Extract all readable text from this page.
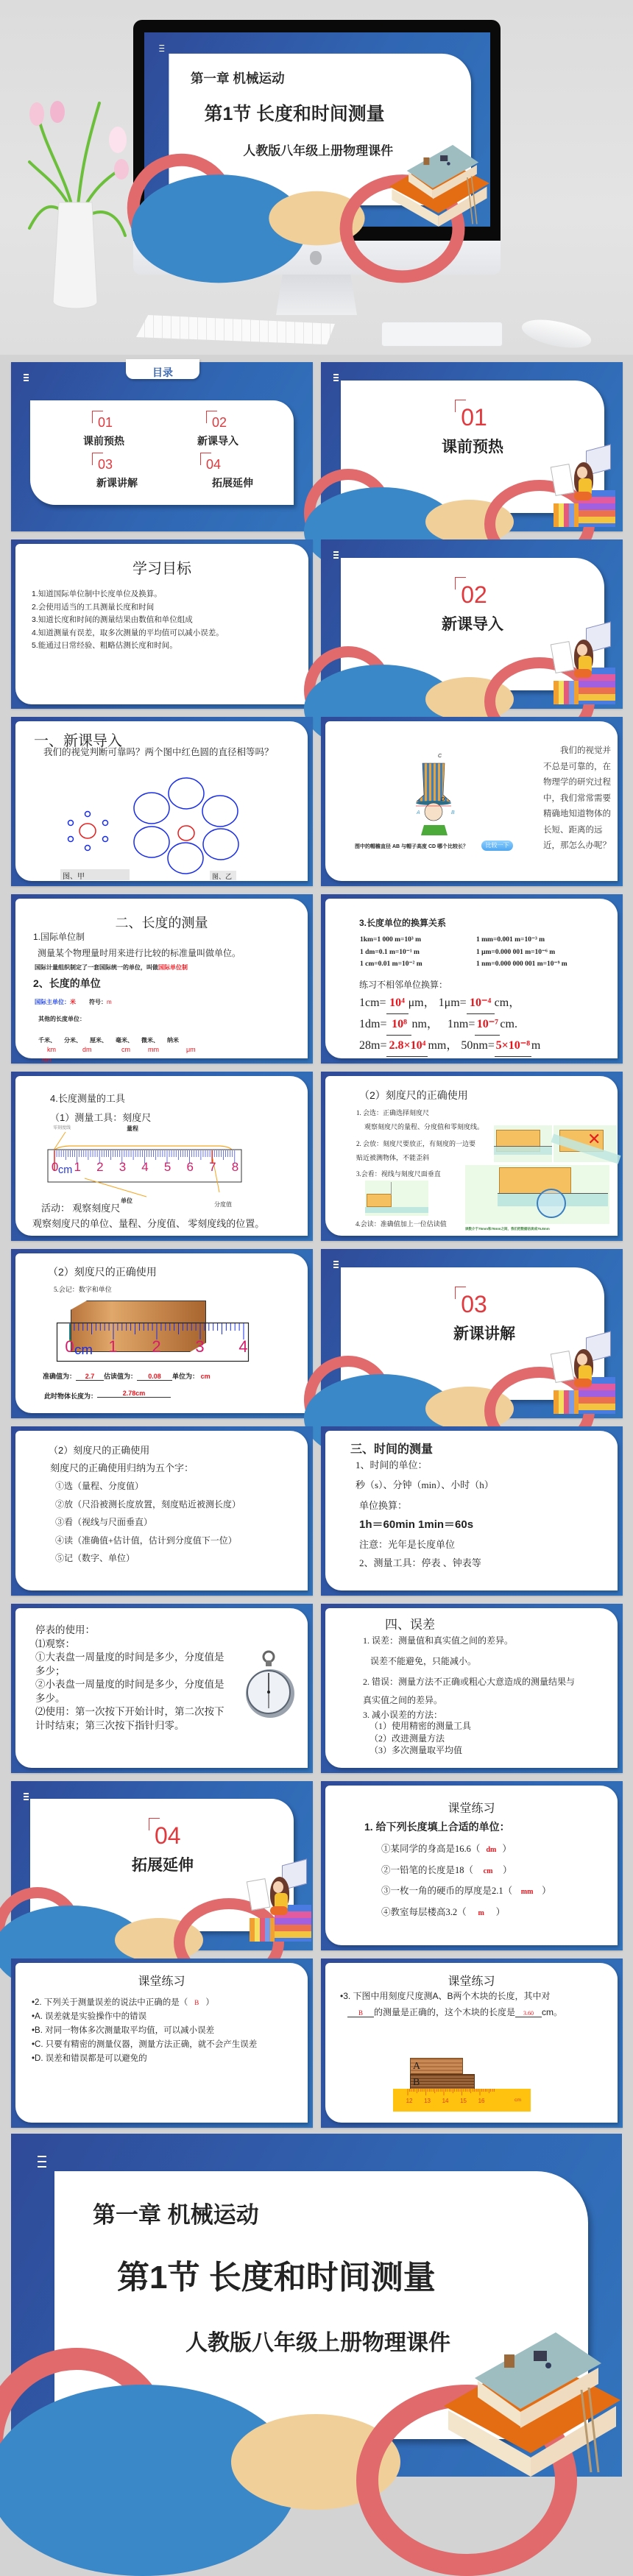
第一章 机械运动
第1节 长度和时间测量
人教版八年级上册物理课件
目录
01
课前预热
02
新课导入
03
新课讲解
04
拓展延伸
01
课前预热
学习目标
1.知道国际单位制中长度单位及换算。
2.会使用适当的工具测量长度和时间
3.知道长度和时间的测量结果由数值和单位组成
4.知道测量有误差，取多次测量的平均值可以减小误差。
5.能通过日常经验、粗略估测长度和时间。
02
新课导入
一、新课导入
我们的视觉判断可靠吗？两个图中红色圆的直径相等吗？
图、甲	图、乙
C
D
A	B
图中的帽檐直径 AB 与帽子高度 CD 哪个比较长？	比较一下
我们的视觉并不总是可靠的，在物理学的研究过程中，我们常常需要精确地知道物体的长短、距离的远近，那怎么办呢？
二、长度的测量
1.国际单位制
测量某个物理量时用来进行比较的标准量叫做单位。
国际计量组织制定了一套国际统一的单位，叫做国际单位制
2、长度的单位
国际主单位：米 符号：m
其他的长度单位：
千米、 分米、 厘米、 毫米、 微米、 纳米
km	dm	cm	mm	μm
nm
3.长度单位的换算关系
1km=1 000 m=10³ m
1 dm=0.1 m=10⁻¹ m
1 cm=0.01 m=10⁻² m
1 mm=0.001 m=10⁻³ m
1 μm=0.000 001 m=10⁻⁶ m
1 nm=0.000 000 001 m=10⁻⁹ m
练习不相邻单位换算：
1cm= 10⁴ μm， 1μm= 10⁻⁴ cm，
1dm= 10⁸ nm， 1nm= 10⁻⁷ cm.
28m= 2.8×10⁴ mm， 50nm= 5×10⁻⁸ m
4.长度测量的工具
（1）测量工具：刻度尺
零刻度线	量程
0 1 2 3 4 5 6 7 8
cm
单位
分度值
活动： 观察刻度尺
观察刻度尺的单位、量程、分度值、 零刻度线的位置。
（2）刻度尺的正确使用
1. 会选：正确选择刻度尺
观察刻度尺的量程、分度值和零刻度线。
2. 会放：刻度尺要放正，有刻度的一边要贴近被测物体，不能歪斜
✕
3.会看：视线与刻度尺面垂直
4.会读：准确值加上一位估读值
读数介于75mm和76mm之间，我们把数据估读成75.8mm
（2）刻度尺的正确使用
5.会记：数字和单位
0 1 2 3 4
cm
准确值为： 2.7 估读值为： 0.08 单位为： cm
此时物体长度为：	2.78cm
03
新课讲解
（2）刻度尺的正确使用
刻度尺的正确使用归纳为五个字：
①选（量程、分度值）
②放（尺沿被测长度放置，刻度贴近被测长度）
③看（视线与尺面垂直）
④读（准确值+估计值，估计到分度值下一位）
⑤记（数字、单位）
三、时间的测量
1、时间的单位：
秒（s）、分钟（min）、小时（h）
单位换算：
1h＝60min 1min＝60s
注意：光年是长度单位
2、测量工具：停表 、钟表等
停表的使用：
⑴观察：
①大表盘一周量度的时间是多少，分度值是多少；
②小表盘一周量度的时间是多少，分度值是多少。
⑵使用：第一次按下开始计时，第二次按下计时结束；第三次按下指针归零。
四、误差
1. 误差：测量值和真实值之间的差异。
误差不能避免，只能减小。
2. 错误：测量方法不正确或粗心大意造成的测量结果与真实值之间的差异。
3. 减小误差的方法：
（1）使用精密的测量工具
（2）改进测量方法
（3）多次测量取平均值
04
拓展延伸
课堂练习
1. 给下列长度填上合适的单位：
①某同学的身高是16.6（ dm ）
②一铅笔的长度是18（ cm ）
③一枚一角的硬币的厚度是2.1（ mm ）
④教室每层楼高3.2（ m ）
课堂练习
•2. 下列关于测量误差的说法中正确的是（ B ）
•A. 误差就是实验操作中的错误
•B. 对同一物体多次测量取平均值，可以减小误差
•C. 只要有精密的测量仪器，测量方法正确，就不会产生误差
•D. 误差和错误都是可以避免的
课堂练习
•3. 下图中用刻度尺度测A、B两个木块的长度，其中对
B 的测量是正确的，这个木块的长度是 3.60 cm。
A
B
12 13 14 15 16	cm
第一章 机械运动
第1节 长度和时间测量
人教版八年级上册物理课件
